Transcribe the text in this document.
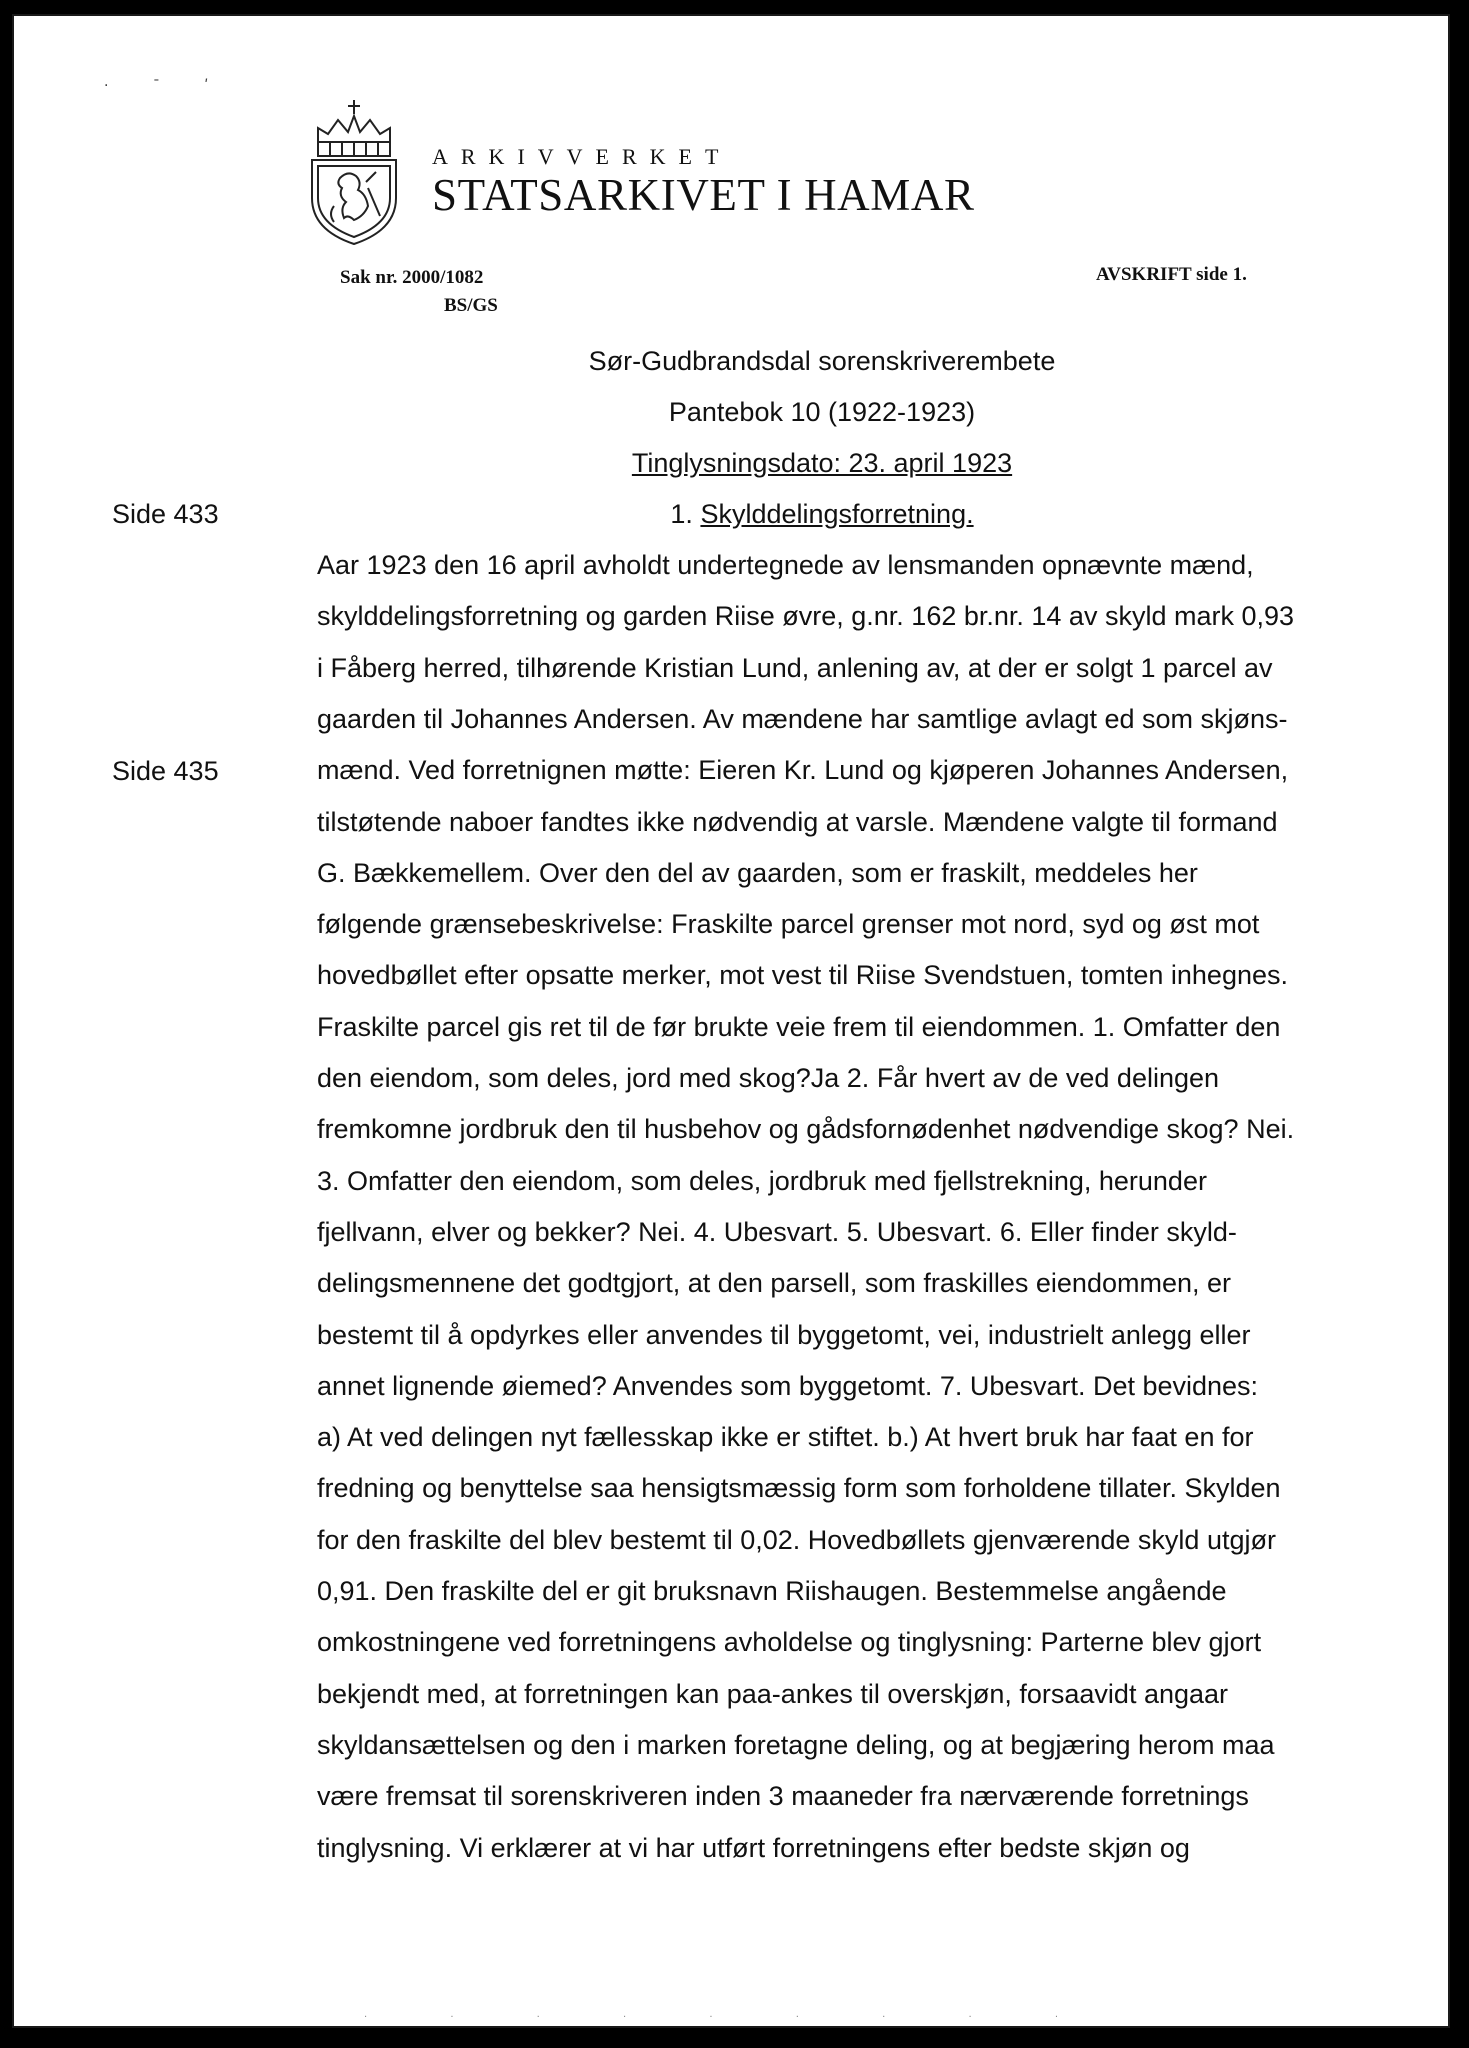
· ˉ ʹ
ARKIVVERKET
STATSARKIVET I HAMAR
Sak nr. 2000/1082
BS/GS
AVSKRIFT side 1.
Sør-Gudbrandsdal sorenskriverembete
Pantebok 10 (1922-1923)
Tinglysningsdato: 23. april 1923
1. Skylddelingsforretning.
Side 433
Side 435
Aar 1923 den 16 april avholdt undertegnede av lensmanden opnævnte mænd,
skylddelingsforretning og garden Riise øvre, g.nr. 162 br.nr. 14 av skyld mark 0,93
i Fåberg herred, tilhørende Kristian Lund, anlening av, at der er solgt 1 parcel av
gaarden til Johannes Andersen. Av mændene har samtlige avlagt ed som skjøns-
mænd. Ved forretnignen møtte: Eieren Kr. Lund og kjøperen Johannes Andersen,
tilstøtende naboer fandtes ikke nødvendig at varsle. Mændene valgte til formand
G. Bækkemellem. Over den del av gaarden, som er fraskilt, meddeles her
følgende grænsebeskrivelse: Fraskilte parcel grenser mot nord, syd og øst mot
hovedbøllet efter opsatte merker, mot vest til Riise Svendstuen, tomten inhegnes.
Fraskilte parcel gis ret til de før brukte veie frem til eiendommen. 1. Omfatter den
den eiendom, som deles, jord med skog?Ja 2. Får hvert av de ved delingen
fremkomne jordbruk den til husbehov og gådsfornødenhet nødvendige skog? Nei.
3. Omfatter den eiendom, som deles, jordbruk med fjellstrekning, herunder
fjellvann, elver og bekker? Nei. 4. Ubesvart. 5. Ubesvart. 6. Eller finder skyld-
delingsmennene det godtgjort, at den parsell, som fraskilles eiendommen, er
bestemt til å opdyrkes eller anvendes til byggetomt, vei, industrielt anlegg eller
annet lignende øiemed? Anvendes som byggetomt. 7. Ubesvart. Det bevidnes:
a) At ved delingen nyt fællesskap ikke er stiftet. b.) At hvert bruk har faat en for
fredning og benyttelse saa hensigtsmæssig form som forholdene tillater. Skylden
for den fraskilte del blev bestemt til 0,02. Hovedbøllets gjenværende skyld utgjør
0,91. Den fraskilte del er git bruksnavn Riishaugen. Bestemmelse angående
omkostningene ved forretningens avholdelse og tinglysning: Parterne blev gjort
bekjendt med, at forretningen kan paa-ankes til overskjøn, forsaavidt angaar
skyldansættelsen og den i marken foretagne deling, og at begjæring herom maa
være fremsat til sorenskriveren inden 3 maaneder fra nærværende forretnings
tinglysning. Vi erklærer at vi har utført forretningens efter bedste skjøn og
. . . . . . . . .
